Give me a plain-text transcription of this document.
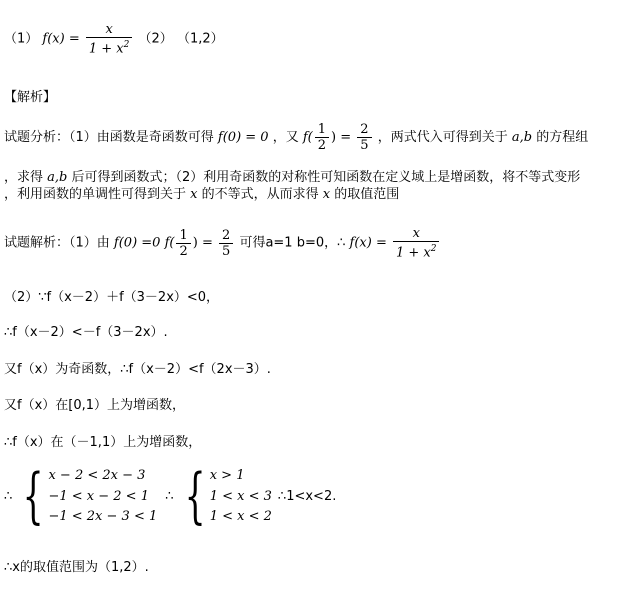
（1） $f(x) = \frac{x}{1 + x^2} (2)$ （1,2）
【解析】
试题分析：（1）由函数是奇函数可得 f(0) = 0 ，又 $f( \frac{1}{2}$ ) = $\frac{2}{5}$ ，两式代入可得到关于 a,b 的方程组
，求得 a,b 后可得到函数式；（2）利用奇函数的对称性可知函数在定义域上是增函数，将不等式变形
，利用函数的单调性可得到关于 x 的不等式，从而求得 x 的取值范围
试题解析：（1）由 f(0) =0 $f( \frac{1}{2}$ ) = $\frac{2}{5}$ 可得a=1 b=0，∴ $f(x) = \frac{x}{1 + x^2}$
（2）∵f（x－2）＋f（3－2x）<0，
∴f（x－2）<－f（3－2x）.
又f（x）为奇函数，∴f（x－2）<f（2x－3）.
又f（x）在[0,1）上为增函数，
∴f（x）在（－1,1）上为增函数，
∴ { x − 2 < 2x − 3
−1 < x − 2 < 1
−1 < 2x − 3 < 1
∴ { x > 1
1 < x < 3
1 < x < 2
∴1<x<2.
∴x的取值范围为（1,2）.
